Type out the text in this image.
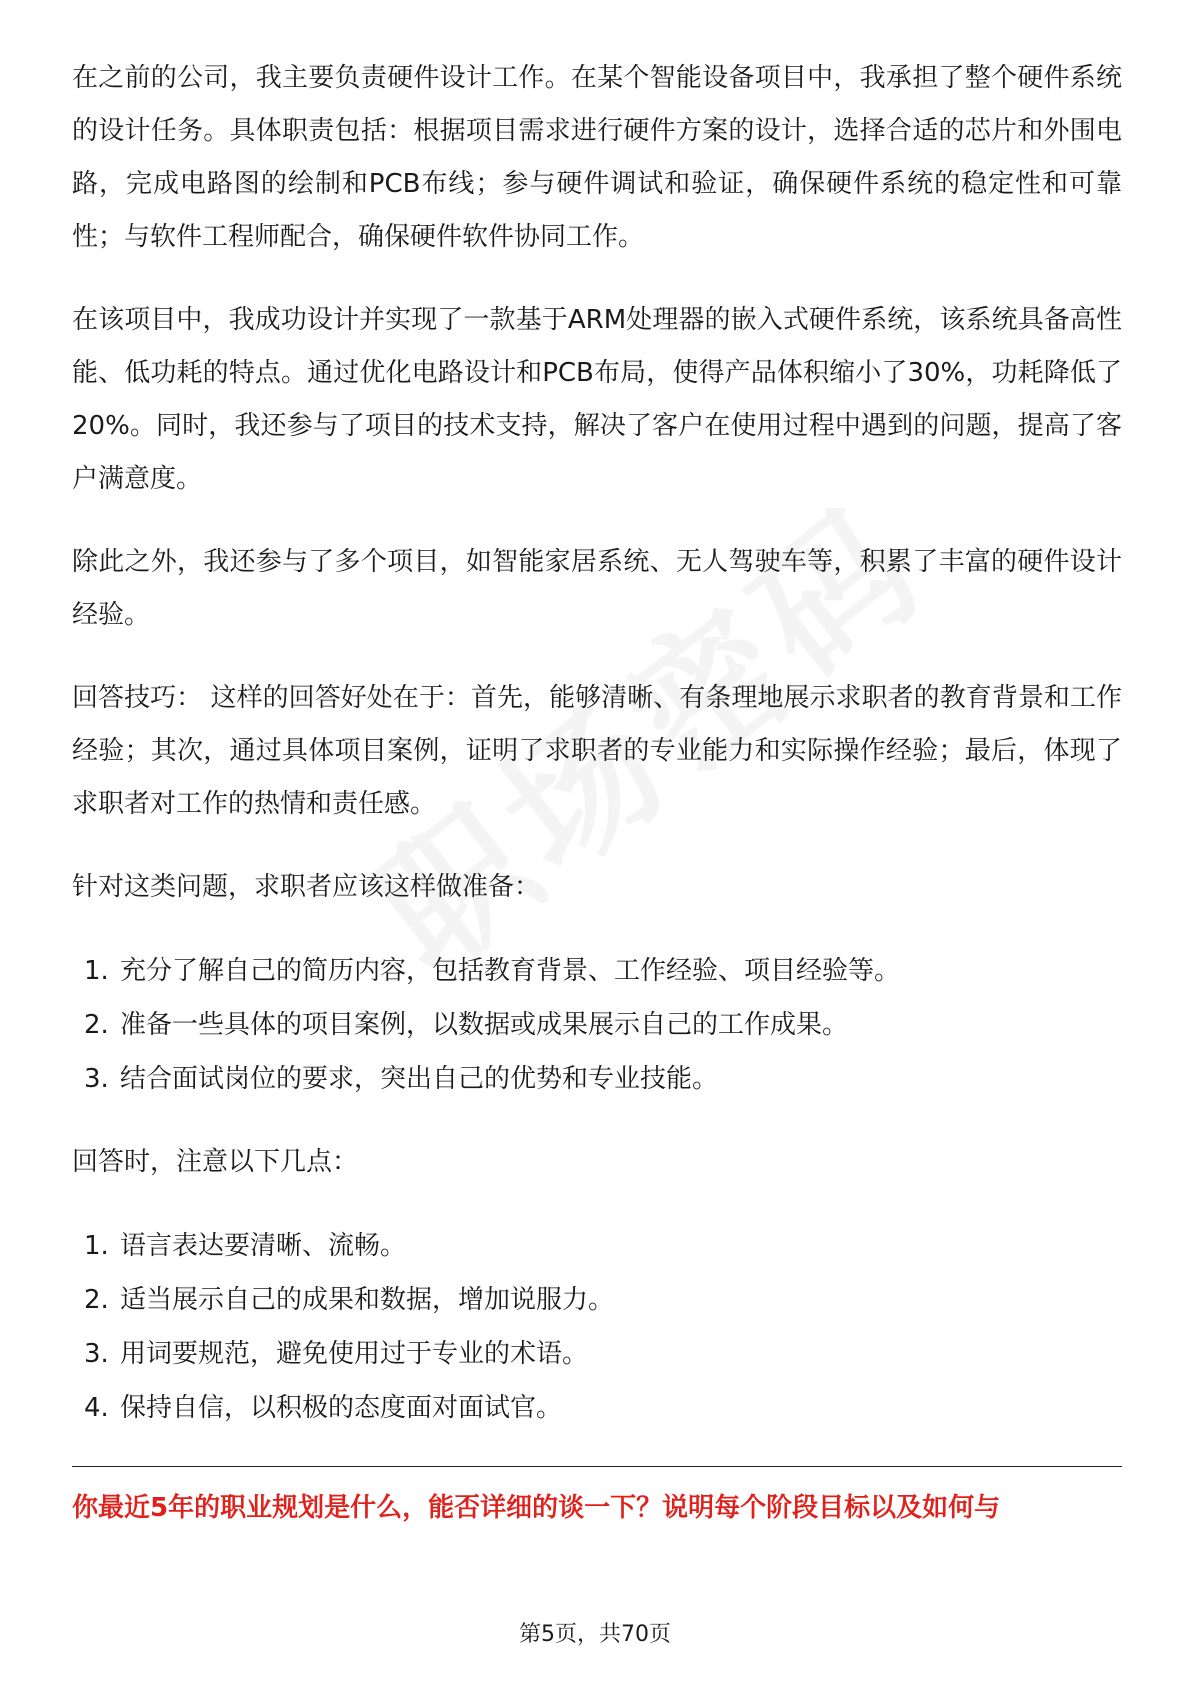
在之前的公司，我主要负责硬件设计工作。在某个智能设备项目中，我承担了整个硬件系统的设计任务。具体职责包括：根据项目需求进行硬件方案的设计，选择合适的芯片和外围电路，完成电路图的绘制和PCB布线；参与硬件调试和验证，确保硬件系统的稳定性和可靠性；与软件工程师配合，确保硬件软件协同工作。

在该项目中，我成功设计并实现了一款基于ARM处理器的嵌入式硬件系统，该系统具备高性能、低功耗的特点。通过优化电路设计和PCB布局，使得产品体积缩小了30%，功耗降低了20%。同时，我还参与了项目的技术支持，解决了客户在使用过程中遇到的问题，提高了客户满意度。

除此之外，我还参与了多个项目，如智能家居系统、无人驾驶车等，积累了丰富的硬件设计经验。

回答技巧： 这样的回答好处在于：首先，能够清晰、有条理地展示求职者的教育背景和工作经验；其次，通过具体项目案例，证明了求职者的专业能力和实际操作经验；最后，体现了求职者对工作的热情和责任感。

针对这类问题，求职者应该这样做准备：

1. 充分了解自己的简历内容，包括教育背景、工作经验、项目经验等。
2. 准备一些具体的项目案例，以数据或成果展示自己的工作成果。
3. 结合面试岗位的要求，突出自己的优势和专业技能。

回答时，注意以下几点：

1. 语言表达要清晰、流畅。
2. 适当展示自己的成果和数据，增加说服力。
3. 用词要规范，避免使用过于专业的术语。
4. 保持自信，以积极的态度面对面试官。
你最近5年的职业规划是什么，能否详细的谈一下？说明每个阶段目标以及如何与
第5页，共70页
